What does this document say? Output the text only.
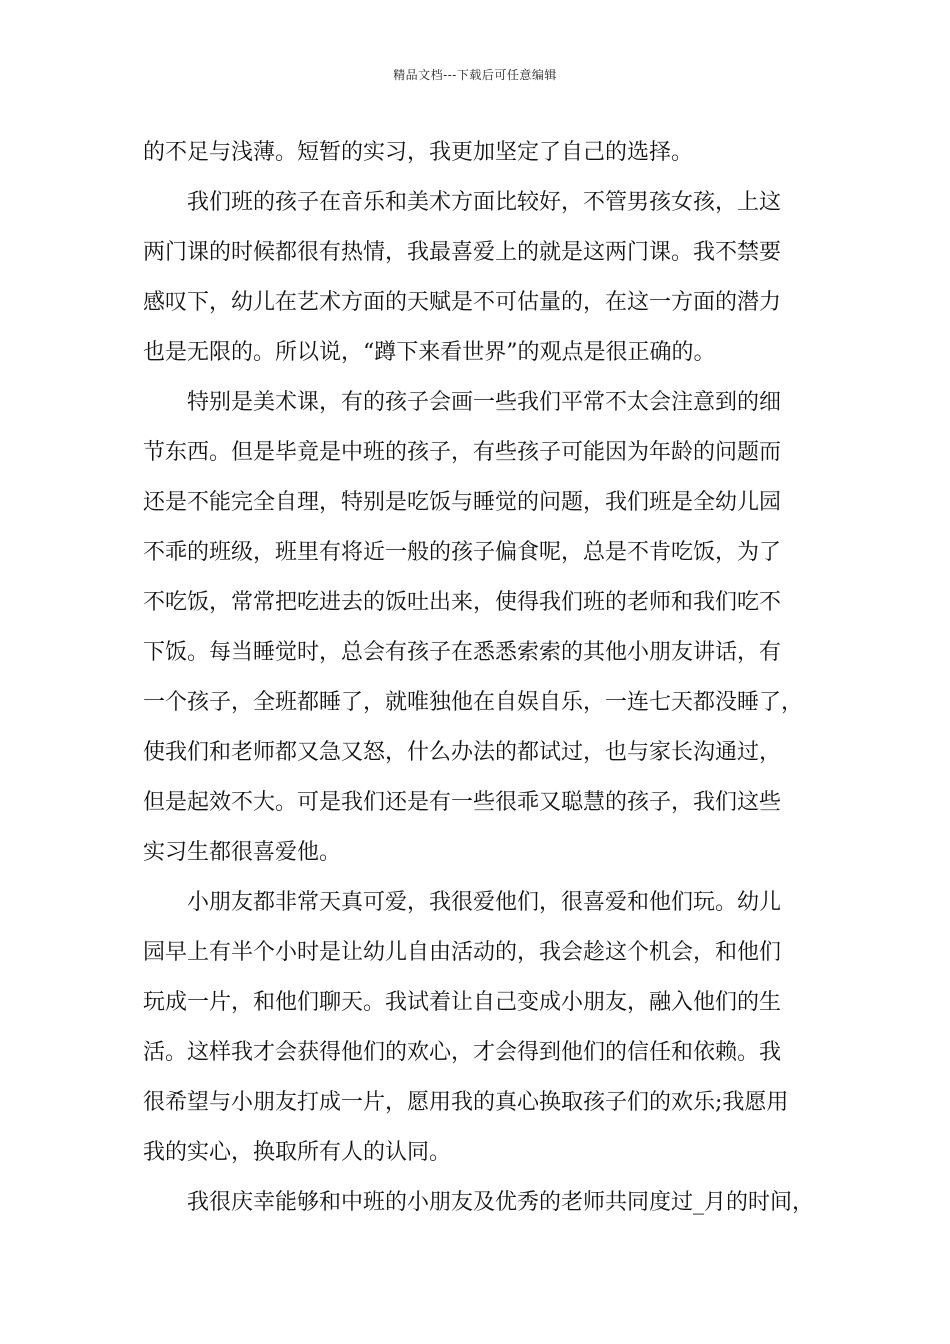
精品文档---下载后可任意编辑
的不足与浅薄。短暂的实习，我更加坚定了自己的选择。
　　我们班的孩子在音乐和美术方面比较好，不管男孩女孩，上这
两门课的时候都很有热情，我最喜爱上的就是这两门课。我不禁要
感叹下，幼儿在艺术方面的天赋是不可估量的，在这一方面的潜力
也是无限的。所以说，“蹲下来看世界”的观点是很正确的。
　　特别是美术课，有的孩子会画一些我们平常不太会注意到的细
节东西。但是毕竟是中班的孩子，有些孩子可能因为年龄的问题而
还是不能完全自理，特别是吃饭与睡觉的问题，我们班是全幼儿园
不乖的班级，班里有将近一般的孩子偏食呢，总是不肯吃饭，为了
不吃饭，常常把吃进去的饭吐出来，使得我们班的老师和我们吃不
下饭。每当睡觉时，总会有孩子在悉悉索索的其他小朋友讲话，有
一个孩子，全班都睡了，就唯独他在自娱自乐，一连七天都没睡了，
使我们和老师都又急又怒，什么办法的都试过，也与家长沟通过，
但是起效不大。可是我们还是有一些很乖又聪慧的孩子，我们这些
实习生都很喜爱他。
　　小朋友都非常天真可爱，我很爱他们，很喜爱和他们玩。幼儿
园早上有半个小时是让幼儿自由活动的，我会趁这个机会，和他们
玩成一片，和他们聊天。我试着让自己变成小朋友，融入他们的生
活。这样我才会获得他们的欢心，才会得到他们的信任和依赖。我
很希望与小朋友打成一片，愿用我的真心换取孩子们的欢乐;我愿用
我的实心，换取所有人的认同。
　　我很庆幸能够和中班的小朋友及优秀的老师共同度过_月的时间，
